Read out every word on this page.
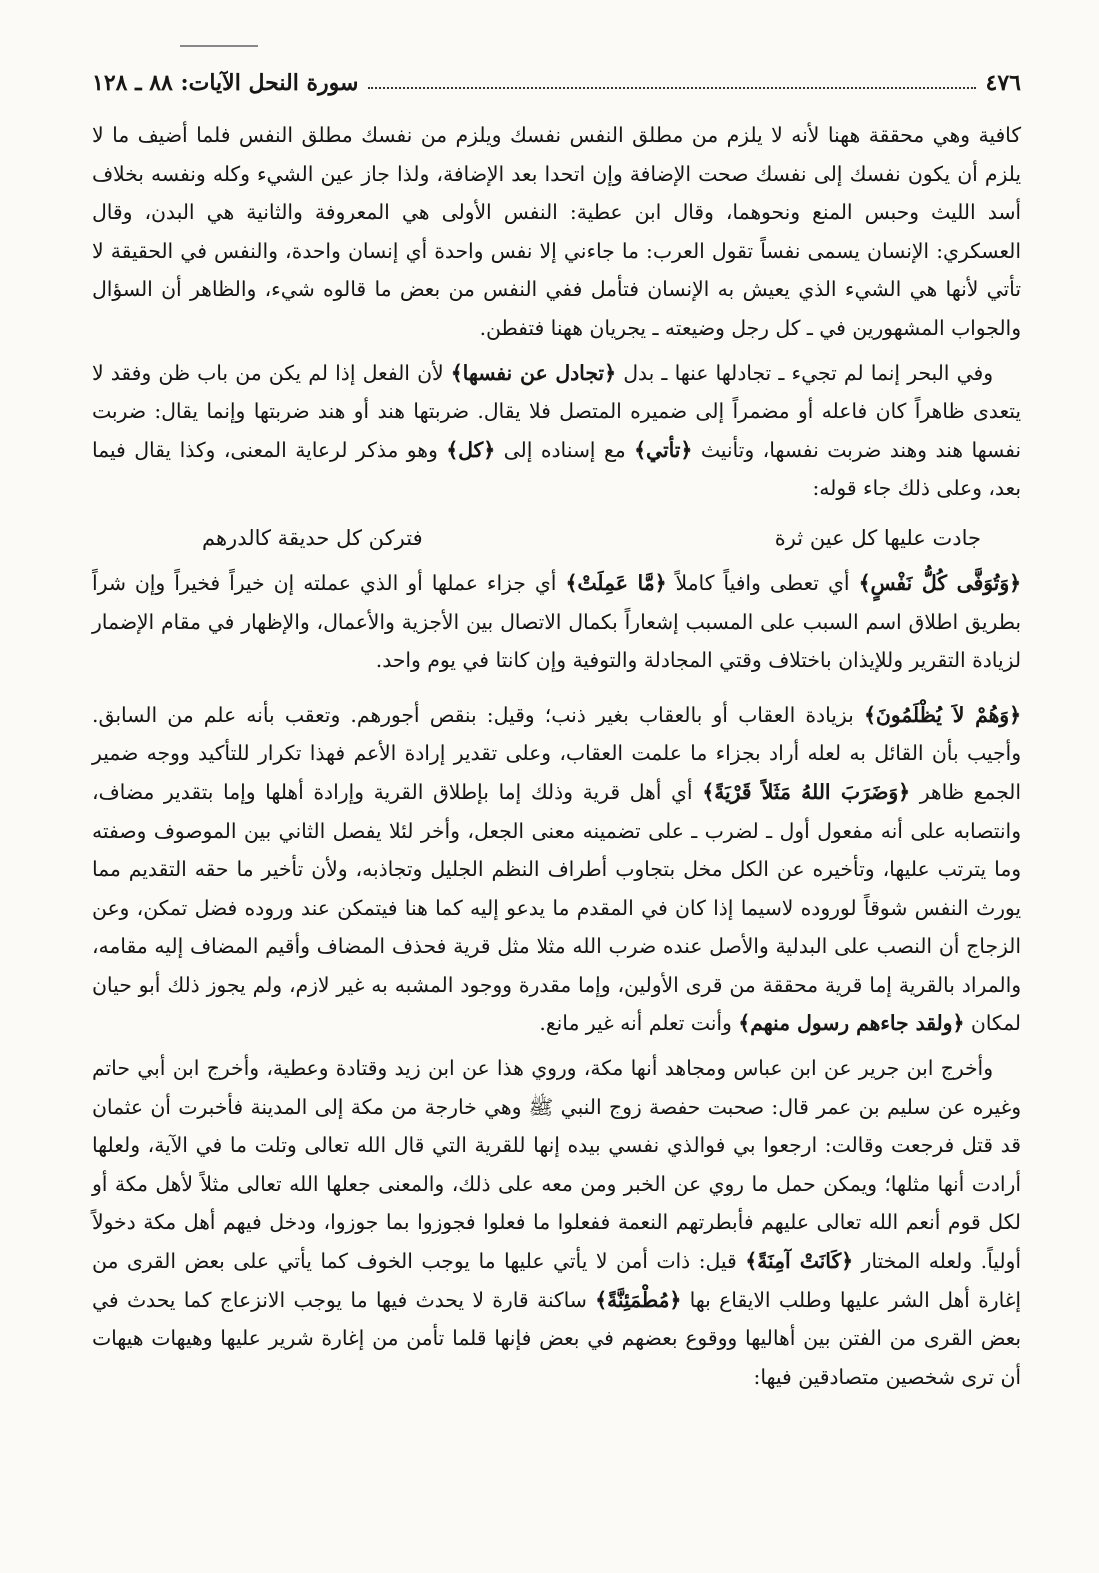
٤٧٦
سورة النحل الآيات: ٨٨ ـ ١٢٨

كافية وهي محققة ههنا لأنه لا يلزم من مطلق النفس نفسك ويلزم من نفسك مطلق النفس فلما أضيف ما لا يلزم أن يكون نفسك إلى نفسك صحت الإضافة وإن اتحدا بعد الإضافة، ولذا جاز عين الشيء وكله ونفسه بخلاف أسد الليث وحبس المنع ونحوهما، وقال ابن عطية: النفس الأولى هي المعروفة والثانية هي البدن، وقال العسكري: الإنسان يسمى نفساً تقول العرب: ما جاءني إلا نفس واحدة أي إنسان واحدة، والنفس في الحقيقة لا تأتي لأنها هي الشيء الذي يعيش به الإنسان فتأمل ففي النفس من بعض ما قالوه شيء، والظاهر أن السؤال والجواب المشهورين في ـ كل رجل وضيعته ـ يجريان ههنا فتفطن.

وفي البحر إنما لم تجيء ـ تجادلها عنها ـ بدل ﴿تجادل عن نفسها﴾ لأن الفعل إذا لم يكن من باب ظن وفقد لا يتعدى ظاهراً كان فاعله أو مضمراً إلى ضميره المتصل فلا يقال. ضربتها هند أو هند ضربتها وإنما يقال: ضربت نفسها هند وهند ضربت نفسها، وتأنيث ﴿تأتي﴾ مع إسناده إلى ﴿كل﴾ وهو مذكر لرعاية المعنى، وكذا يقال فيما بعد، وعلى ذلك جاء قوله:

جادت عليها كل عين ثرة
فتركن كل حديقة كالدرهم

﴿وَتُوَفَّى كُلُّ نَفْسٍ﴾ أي تعطى وافياً كاملاً ﴿مَّا عَمِلَتْ﴾ أي جزاء عملها أو الذي عملته إن خيراً فخيراً وإن شراً بطريق اطلاق اسم السبب على المسبب إشعاراً بكمال الاتصال بين الأجزية والأعمال، والإظهار في مقام الإضمار لزيادة التقرير وللإيذان باختلاف وقتي المجادلة والتوفية وإن كانتا في يوم واحد.

﴿وَهُمْ لاَ يُظْلَمُونَ﴾ بزيادة العقاب أو بالعقاب بغير ذنب؛ وقيل: بنقص أجورهم. وتعقب بأنه علم من السابق. وأجيب بأن القائل به لعله أراد بجزاء ما علمت العقاب، وعلى تقدير إرادة الأعم فهذا تكرار للتأكيد ووجه ضمير الجمع ظاهر ﴿وَضَرَبَ اللهُ مَثَلاً قَرْيَةً﴾ أي أهل قرية وذلك إما بإطلاق القرية وإرادة أهلها وإما بتقدير مضاف، وانتصابه على أنه مفعول أول ـ لضرب ـ على تضمينه معنى الجعل، وأخر لئلا يفصل الثاني بين الموصوف وصفته وما يترتب عليها، وتأخيره عن الكل مخل بتجاوب أطراف النظم الجليل وتجاذبه، ولأن تأخير ما حقه التقديم مما يورث النفس شوقاً لوروده لاسيما إذا كان في المقدم ما يدعو إليه كما هنا فيتمكن عند وروده فضل تمكن، وعن الزجاج أن النصب على البدلية والأصل عنده ضرب الله مثلا مثل قرية فحذف المضاف وأقيم المضاف إليه مقامه، والمراد بالقرية إما قرية محققة من قرى الأولين، وإما مقدرة ووجود المشبه به غير لازم، ولم يجوز ذلك أبو حيان لمكان ﴿ولقد جاءهم رسول منهم﴾ وأنت تعلم أنه غير مانع.

وأخرج ابن جرير عن ابن عباس ومجاهد أنها مكة، وروي هذا عن ابن زيد وقتادة وعطية، وأخرج ابن أبي حاتم وغيره عن سليم بن عمر قال: صحبت حفصة زوج النبي ﷺ وهي خارجة من مكة إلى المدينة فأخبرت أن عثمان قد قتل فرجعت وقالت: ارجعوا بي فوالذي نفسي بيده إنها للقرية التي قال الله تعالى وتلت ما في الآية، ولعلها أرادت أنها مثلها؛ ويمكن حمل ما روي عن الخبر ومن معه على ذلك، والمعنى جعلها الله تعالى مثلاً لأهل مكة أو لكل قوم أنعم الله تعالى عليهم فأبطرتهم النعمة ففعلوا ما فعلوا فجوزوا بما جوزوا، ودخل فيهم أهل مكة دخولاً أولياً. ولعله المختار ﴿كَانَتْ آمِنَةً﴾ قيل: ذات أمن لا يأتي عليها ما يوجب الخوف كما يأتي على بعض القرى من إغارة أهل الشر عليها وطلب الايقاع بها ﴿مُطْمَئِنَّةً﴾ ساكنة قارة لا يحدث فيها ما يوجب الانزعاج كما يحدث في بعض القرى من الفتن بين أهاليها ووقوع بعضهم في بعض فإنها قلما تأمن من إغارة شرير عليها وهيهات هيهات أن ترى شخصين متصادقين فيها:
